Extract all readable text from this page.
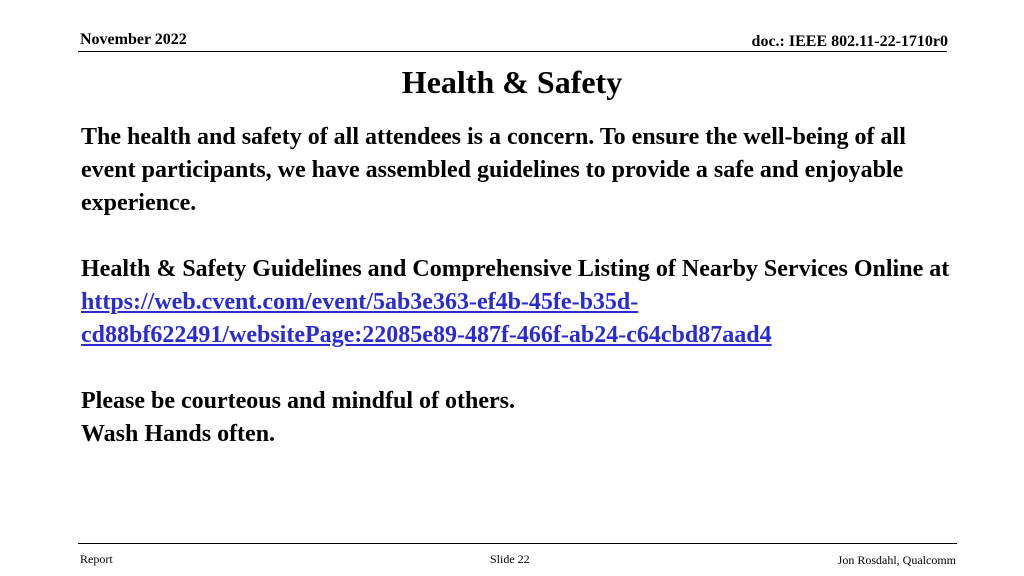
November 2022	doc.: IEEE 802.11-22-1710r0
Health & Safety

The health and safety of all attendees is a concern. To ensure the well-being of all event participants, we have assembled guidelines to provide a safe and enjoyable experience.

Health & Safety Guidelines and Comprehensive Listing of Nearby Services Online at https://web.cvent.com/event/5ab3e363-ef4b-45fe-b35d-
cd88bf622491/websitePage:22085e89-487f-466f-ab24-c64cbd87aad4

Please be courteous and mindful of others.

Wash Hands often.

Report	Slide 22	Jon Rosdahl, Qualcomm
